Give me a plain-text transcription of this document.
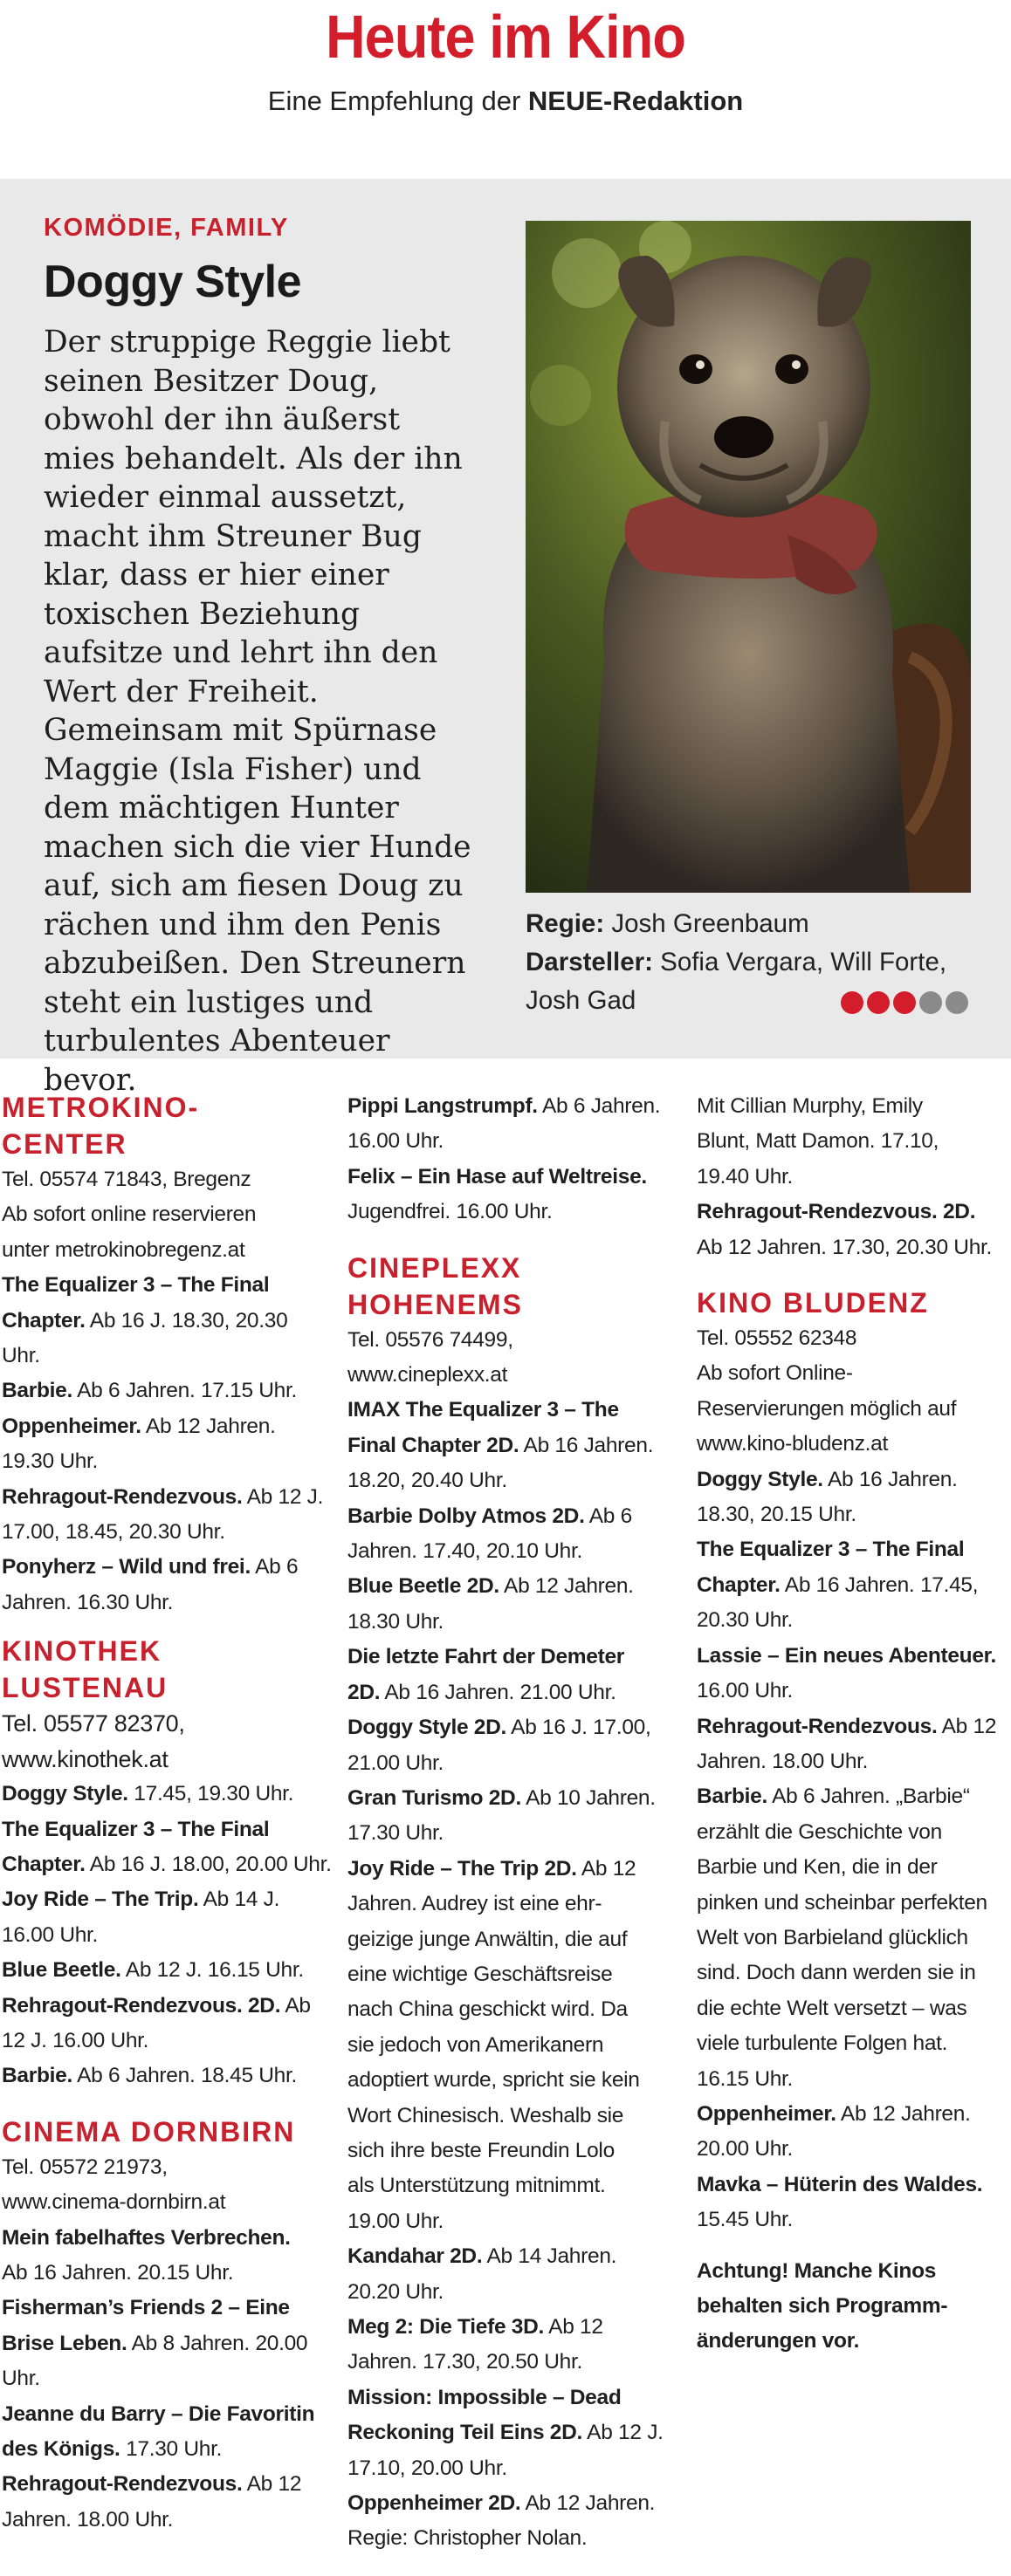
Heute im Kino
Eine Empfehlung der NEUE-Redaktion
KOMÖDIE, FAMILY
Doggy Style
Der struppige Reggie liebt seinen Besitzer Doug, obwohl der ihn äußerst mies behandelt. Als der ihn wieder einmal aussetzt, macht ihm Streuner Bug klar, dass er hier einer toxischen Beziehung aufsitze und lehrt ihn den Wert der Freiheit. Gemeinsam mit Spürnase Maggie (Isla Fisher) und dem mächtigen Hunter machen sich die vier Hunde auf, sich am fiesen Doug zu rächen und ihm den Penis abzubeißen. Den Streunern steht ein lustiges und turbulentes Abenteuer bevor.
Regie: Josh Greenbaum
Darsteller: Sofia Vergara, Will Forte,
Josh Gad
METROKINO-
CENTER

Tel. 05574 71843, Bregenz

Ab sofort online reservieren

unter metrokinobregenz.at

The Equalizer 3 – The Final

Chapter. Ab 16 J. 18.30, 20.30

Uhr.

Barbie. Ab 6 Jahren. 17.15 Uhr.

Oppenheimer. Ab 12 Jahren.

19.30 Uhr.

Rehragout-Rendezvous. Ab 12 J.

17.00, 18.45, 20.30 Uhr.

Ponyherz – Wild und frei. Ab 6

Jahren. 16.30 Uhr.

KINOTHEK
LUSTENAU

Tel. 05577 82370,

www.kinothek.at

Doggy Style. 17.45, 19.30 Uhr.

The Equalizer 3 – The Final

Chapter. Ab 16 J. 18.00, 20.00 Uhr.

Joy Ride – The Trip. Ab 14 J.

16.00 Uhr.

Blue Beetle. Ab 12 J. 16.15 Uhr.

Rehragout-Rendezvous. 2D. Ab

12 J. 16.00 Uhr.

Barbie. Ab 6 Jahren. 18.45 Uhr.

CINEMA DORNBIRN

Tel. 05572 21973,

www.cinema-dornbirn.at

Mein fabelhaftes Verbrechen.

Ab 16 Jahren. 20.15 Uhr.

Fisherman’s Friends 2 – Eine

Brise Leben. Ab 8 Jahren. 20.00

Uhr.

Jeanne du Barry – Die Favoritin

des Königs. 17.30 Uhr.

Rehragout-Rendezvous. Ab 12

Jahren. 18.00 Uhr.

Pippi Langstrumpf. Ab 6 Jahren.

16.00 Uhr.

Felix – Ein Hase auf Weltreise.

Jugendfrei. 16.00 Uhr.

CINEPLEXX
HOHENEMS

Tel. 05576 74499,

www.cineplexx.at

IMAX The Equalizer 3 – The

Final Chapter 2D. Ab 16 Jahren.

18.20, 20.40 Uhr.

Barbie Dolby Atmos 2D. Ab 6

Jahren. 17.40, 20.10 Uhr.

Blue Beetle 2D. Ab 12 Jahren.

18.30 Uhr.

Die letzte Fahrt der Demeter

2D. Ab 16 Jahren. 21.00 Uhr.

Doggy Style 2D. Ab 16 J. 17.00,

21.00 Uhr.

Gran Turismo 2D. Ab 10 Jahren.

17.30 Uhr.

Joy Ride – The Trip 2D. Ab 12

Jahren. Audrey ist eine ehr-

geizige junge Anwältin, die auf

eine wichtige Geschäftsreise

nach China geschickt wird. Da

sie jedoch von Amerikanern

adoptiert wurde, spricht sie kein

Wort Chinesisch. Weshalb sie

sich ihre beste Freundin Lolo

als Unterstützung mitnimmt.

19.00 Uhr.

Kandahar 2D. Ab 14 Jahren.

20.20 Uhr.

Meg 2: Die Tiefe 3D. Ab 12

Jahren. 17.30, 20.50 Uhr.

Mission: Impossible – Dead

Reckoning Teil Eins 2D. Ab 12 J.

17.10, 20.00 Uhr.

Oppenheimer 2D. Ab 12 Jahren.

Regie: Christopher Nolan.

Mit Cillian Murphy, Emily

Blunt, Matt Damon. 17.10,

19.40 Uhr.

Rehragout-Rendezvous. 2D.

Ab 12 Jahren. 17.30, 20.30 Uhr.

KINO BLUDENZ

Tel. 05552 62348

Ab sofort Online-

Reservierungen möglich auf

www.kino-bludenz.at

Doggy Style. Ab 16 Jahren.

18.30, 20.15 Uhr.

The Equalizer 3 – The Final

Chapter. Ab 16 Jahren. 17.45,

20.30 Uhr.

Lassie – Ein neues Abenteuer.

16.00 Uhr.

Rehragout-Rendezvous. Ab 12

Jahren. 18.00 Uhr.

Barbie. Ab 6 Jahren. „Barbie“

erzählt die Geschichte von

Barbie und Ken, die in der

pinken und scheinbar perfekten

Welt von Barbieland glücklich

sind. Doch dann werden sie in

die echte Welt versetzt – was

viele turbulente Folgen hat.

16.15 Uhr.

Oppenheimer. Ab 12 Jahren.

20.00 Uhr.

Mavka – Hüterin des Waldes.

15.45 Uhr.

Achtung! Manche Kinos

behalten sich Programm-

änderungen vor.
